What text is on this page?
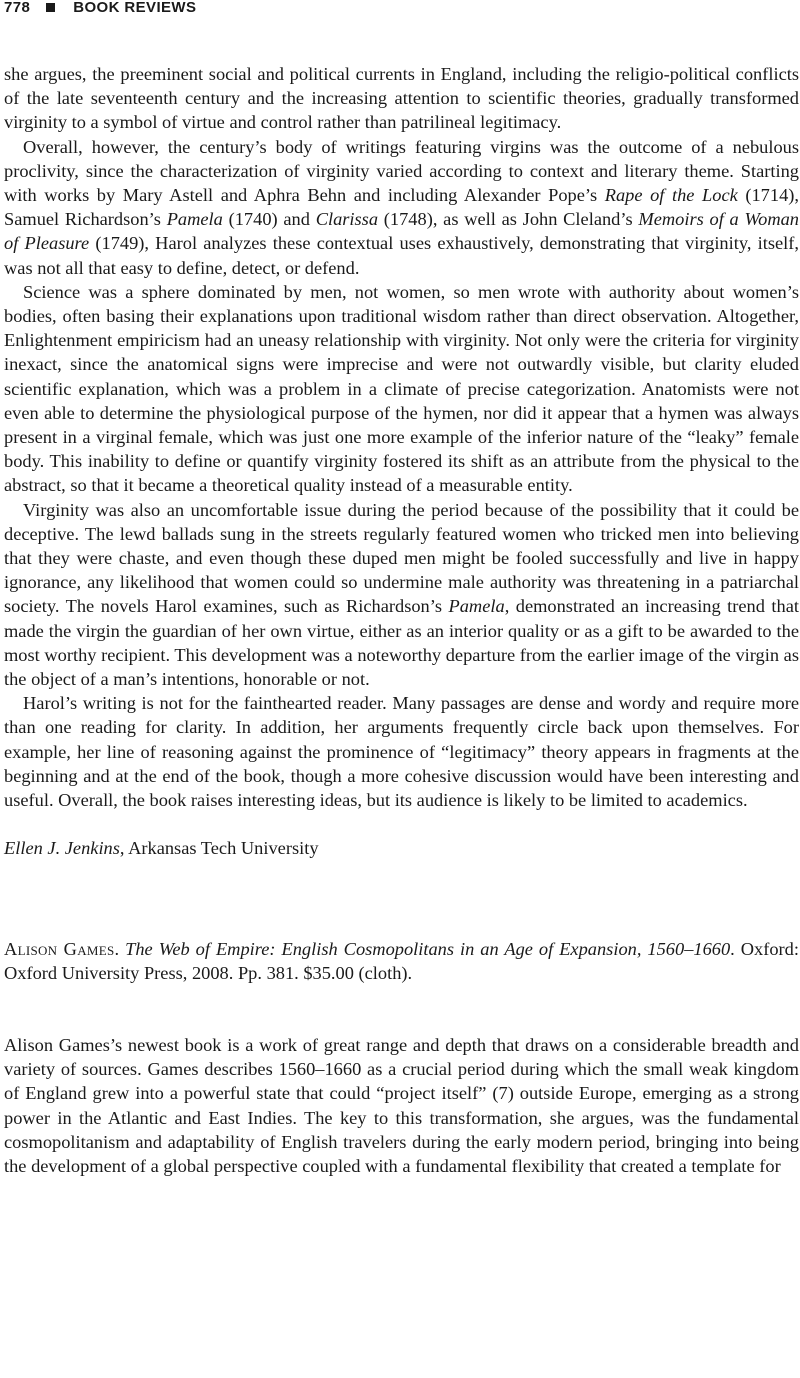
778	BOOK REVIEWS

she argues, the preeminent social and political currents in England, including the religio-political conflicts of the late seventeenth century and the increasing attention to scientific theories, gradually transformed virginity to a symbol of virtue and control rather than patrilineal legitimacy.

Overall, however, the century’s body of writings featuring virgins was the outcome of a nebulous proclivity, since the characterization of virginity varied according to context and literary theme. Starting with works by Mary Astell and Aphra Behn and including Alexander Pope’s Rape of the Lock (1714), Samuel Richardson’s Pamela (1740) and Clarissa (1748), as well as John Cleland’s Memoirs of a Woman of Pleasure (1749), Harol analyzes these contextual uses exhaustively, demonstrating that virginity, itself, was not all that easy to define, detect, or defend.

Science was a sphere dominated by men, not women, so men wrote with authority about women’s bodies, often basing their explanations upon traditional wisdom rather than direct observation. Altogether, Enlightenment empiricism had an uneasy relationship with virginity. Not only were the criteria for virginity inexact, since the anatomical signs were imprecise and were not outwardly visible, but clarity eluded scientific explanation, which was a problem in a climate of precise categorization. Anatomists were not even able to determine the physiological purpose of the hymen, nor did it appear that a hymen was always present in a virginal female, which was just one more example of the inferior nature of the “leaky” female body. This inability to define or quantify virginity fostered its shift as an attribute from the physical to the abstract, so that it became a theoretical quality instead of a measurable entity.

Virginity was also an uncomfortable issue during the period because of the possibility that it could be deceptive. The lewd ballads sung in the streets regularly featured women who tricked men into believing that they were chaste, and even though these duped men might be fooled successfully and live in happy ignorance, any likelihood that women could so undermine male authority was threatening in a patriarchal society. The novels Harol examines, such as Richardson’s Pamela, demonstrated an increasing trend that made the virgin the guardian of her own virtue, either as an interior quality or as a gift to be awarded to the most worthy recipient. This development was a noteworthy departure from the earlier image of the virgin as the object of a man’s intentions, honorable or not.

Harol’s writing is not for the fainthearted reader. Many passages are dense and wordy and require more than one reading for clarity. In addition, her arguments frequently circle back upon themselves. For example, her line of reasoning against the prominence of “legitimacy” theory appears in fragments at the beginning and at the end of the book, though a more cohesive discussion would have been interesting and useful. Overall, the book raises interesting ideas, but its audience is likely to be limited to academics.

Ellen J. Jenkins, Arkansas Tech University

Alison Games. The Web of Empire: English Cosmopolitans in an Age of Expansion, 1560–1660. Oxford: Oxford University Press, 2008. Pp. 381. $35.00 (cloth).

Alison Games’s newest book is a work of great range and depth that draws on a considerable breadth and variety of sources. Games describes 1560–1660 as a crucial period during which the small weak kingdom of England grew into a powerful state that could “project itself” (7) outside Europe, emerging as a strong power in the Atlantic and East Indies. The key to this transformation, she argues, was the fundamental cosmopolitanism and adaptability of English travelers during the early modern period, bringing into being the development of a global perspective coupled with a fundamental flexibility that created a template for
